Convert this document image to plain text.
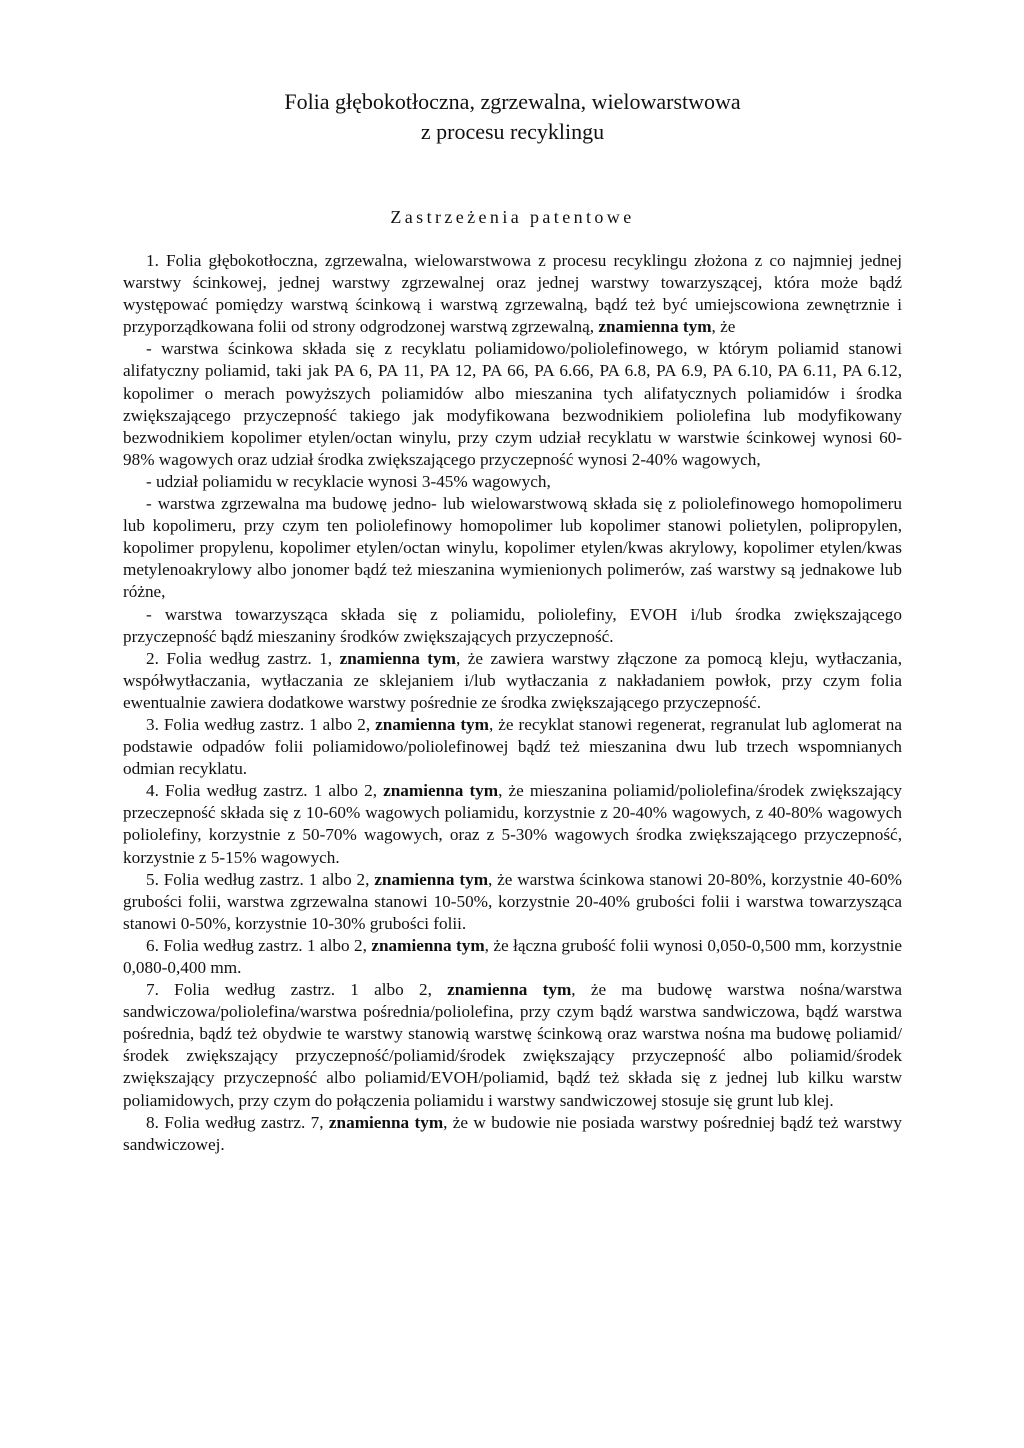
Folia głębokotłoczna, zgrzewalna, wielowarstwowa

z procesu recyklingu

Zastrzeżenia patentowe

1. Folia głębokotłoczna, zgrzewalna, wielowarstwowa z procesu recyklingu złożona z co najmniej jednej warstwy ścinkowej, jednej warstwy zgrzewalnej oraz jednej warstwy towarzyszącej, która może bądź występować pomiędzy warstwą ścinkową i warstwą zgrzewalną, bądź też być umiejscowiona zewnętrznie i przyporządkowana folii od strony odgrodzonej warstwą zgrzewalną, znamienna tym, że

- warstwa ścinkowa składa się z recyklatu poliamidowo/poliolefinowego, w którym poliamid stanowi alifatyczny poliamid, taki jak PA 6, PA 11, PA 12, PA 66, PA 6.66, PA 6.8, PA 6.9, PA 6.10, PA 6.11, PA 6.12, kopolimer o merach powyższych poliamidów albo mieszanina tych alifatycznych poliamidów i środka zwiększającego przyczepność takiego jak modyfikowana bezwodnikiem poliolefina lub modyfikowany bezwodnikiem kopolimer etylen/octan winylu, przy czym udział recyklatu w warstwie ścinkowej wynosi 60-98% wagowych oraz udział środka zwiększającego przyczepność wynosi 2-40% wagowych,

- udział poliamidu w recyklacie wynosi 3-45% wagowych,

- warstwa zgrzewalna ma budowę jedno- lub wielowarstwową składa się z poliolefinowego homopolimeru lub kopolimeru, przy czym ten poliolefinowy homopolimer lub kopolimer stanowi polietylen, polipropylen, kopolimer propylenu, kopolimer etylen/octan winylu, kopolimer etylen/kwas akrylowy, kopolimer etylen/kwas metylenoakrylowy albo jonomer bądź też mieszanina wymienionych polimerów, zaś warstwy są jednakowe lub różne,

- warstwa towarzysząca składa się z poliamidu, poliolefiny, EVOH i/lub środka zwiększającego przyczepność bądź mieszaniny środków zwiększających przyczepność.

2. Folia według zastrz. 1, znamienna tym, że zawiera warstwy złączone za pomocą kleju, wytłaczania, współwytłaczania, wytłaczania ze sklejaniem i/lub wytłaczania z nakładaniem powłok, przy czym folia ewentualnie zawiera dodatkowe warstwy pośrednie ze środka zwiększającego przyczepność.

3. Folia według zastrz. 1 albo 2, znamienna tym, że recyklat stanowi regenerat, regranulat lub aglomerat na podstawie odpadów folii poliamidowo/poliolefinowej bądź też mieszanina dwu lub trzech wspomnianych odmian recyklatu.

4. Folia według zastrz. 1 albo 2, znamienna tym, że mieszanina poliamid/poliolefina/środek zwiększający przeczepność składa się z 10-60% wagowych poliamidu, korzystnie z 20-40% wagowych, z 40-80% wagowych poliolefiny, korzystnie z 50-70% wagowych, oraz z 5-30% wagowych środka zwiększającego przyczepność, korzystnie z 5-15% wagowych.

5. Folia według zastrz. 1 albo 2, znamienna tym, że warstwa ścinkowa stanowi 20-80%, korzystnie 40-60% grubości folii, warstwa zgrzewalna stanowi 10-50%, korzystnie 20-40% grubości folii i warstwa towarzysząca stanowi 0-50%, korzystnie 10-30% grubości folii.

6. Folia według zastrz. 1 albo 2, znamienna tym, że łączna grubość folii wynosi 0,050-0,500 mm, korzystnie 0,080-0,400 mm.

7. Folia według zastrz. 1 albo 2, znamienna tym, że ma budowę warstwa nośna/warstwa sandwiczowa/poliolefina/warstwa pośrednia/poliolefina, przy czym bądź warstwa sandwiczowa, bądź warstwa pośrednia, bądź też obydwie te warstwy stanowią warstwę ścinkową oraz warstwa nośna ma budowę poliamid/środek zwiększający przyczepność/poliamid/środek zwiększający przyczepność albo poliamid/środek zwiększający przyczepność albo poliamid/EVOH/poliamid, bądź też składa się z jednej lub kilku warstw poliamidowych, przy czym do połączenia poliamidu i warstwy sandwiczowej stosuje się grunt lub klej.

8. Folia według zastrz. 7, znamienna tym, że w budowie nie posiada warstwy pośredniej bądź też warstwy sandwiczowej.
